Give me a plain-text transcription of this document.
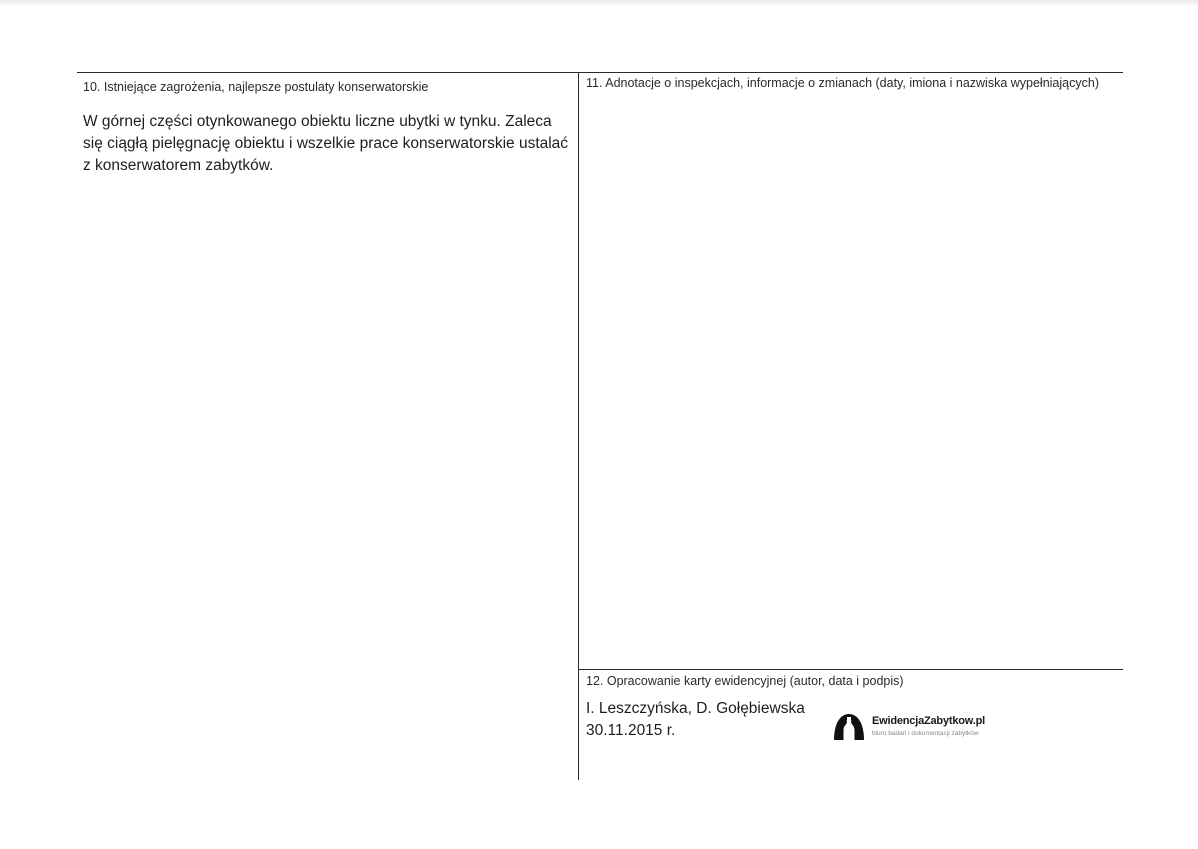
10. Istniejące zagrożenia, najlepsze postulaty konserwatorskie
W górnej części otynkowanego obiektu liczne ubytki w tynku. Zaleca się ciągłą pielęgnację obiektu i wszelkie prace konserwatorskie ustalać z konserwatorem zabytków.
11. Adnotacje o inspekcjach, informacje o zmianach (daty, imiona i nazwiska wypełniających)
12. Opracowanie karty ewidencyjnej (autor, data i podpis)
I. Leszczyńska, D. Gołębiewska
30.11.2015 r.
EwidencjaZabytkow.pl
biuro badań i dokumentacji zabytków
